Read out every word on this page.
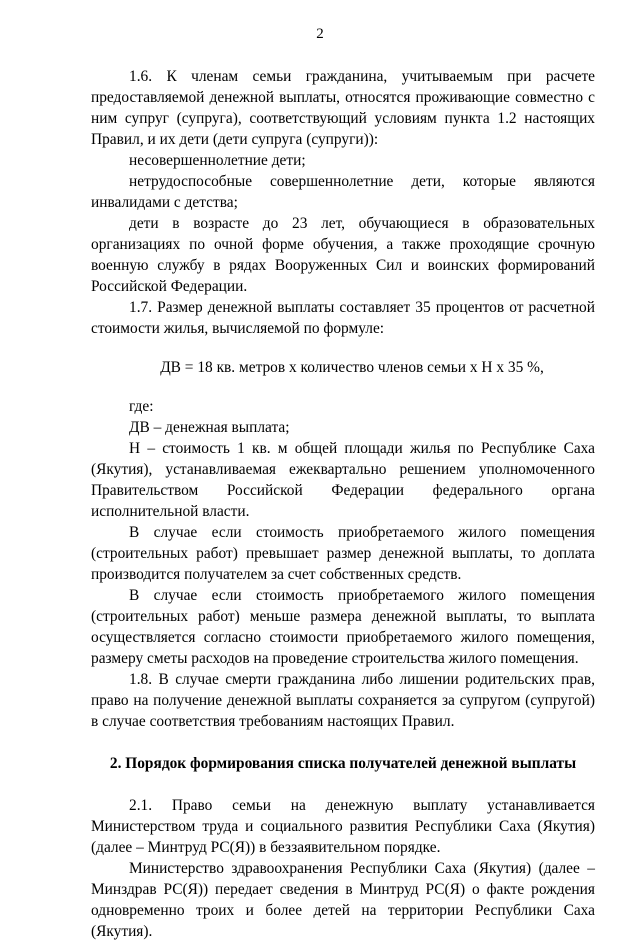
2

1.6. К членам семьи гражданина, учитываемым при расчете предоставляемой денежной выплаты, относятся проживающие совместно с ним супруг (супруга), соответствующий условиям пункта 1.2 настоящих Правил, и их дети (дети супруга (супруги)):

несовершеннолетние дети;

нетрудоспособные совершеннолетние дети, которые являются инвалидами с детства;

дети в возрасте до 23 лет, обучающиеся в образовательных организациях по очной форме обучения, а также проходящие срочную военную службу в рядах Вооруженных Сил и воинских формирований Российской Федерации.

1.7. Размер денежной выплаты составляет 35 процентов от расчетной стоимости жилья, вычисляемой по формуле:

ДВ = 18 кв. метров х количество членов семьи х Н х 35 %,

где:

ДВ – денежная выплата;

Н – стоимость 1 кв. м общей площади жилья по Республике Саха (Якутия), устанавливаемая ежеквартально решением уполномоченного Правительством Российской Федерации федерального органа исполнительной власти.

В случае если стоимость приобретаемого жилого помещения (строительных работ) превышает размер денежной выплаты, то доплата производится получателем за счет собственных средств.

В случае если стоимость приобретаемого жилого помещения (строительных работ) меньше размера денежной выплаты, то выплата осуществляется согласно стоимости приобретаемого жилого помещения, размеру сметы расходов на проведение строительства жилого помещения.

1.8. В случае смерти гражданина либо лишении родительских прав, право на получение денежной выплаты сохраняется за супругом (супругой) в случае соответствия требованиям настоящих Правил.

2. Порядок формирования списка получателей денежной выплаты

2.1. Право семьи на денежную выплату устанавливается Министерством труда и социального развития Республики Саха (Якутия) (далее – Минтруд РС(Я)) в беззаявительном порядке.

Министерство здравоохранения Республики Саха (Якутия) (далее – Минздрав РС(Я)) передает сведения в Минтруд РС(Я) о факте рождения одновременно троих и более детей на территории Республики Саха (Якутия).
